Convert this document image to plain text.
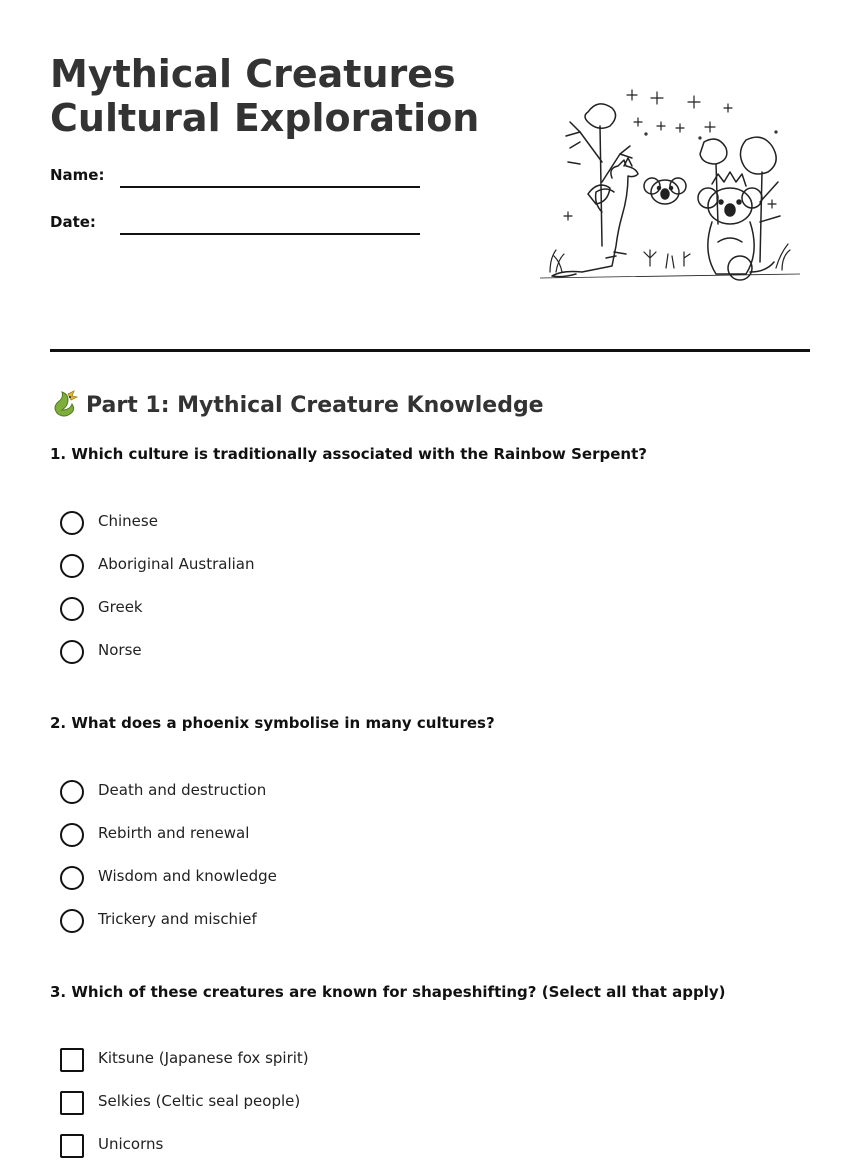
Mythical Creatures
Cultural Exploration
Name:
Date:
Part 1: Mythical Creature Knowledge

1. Which culture is traditionally associated with the Rainbow Serpent?

Chinese
Aboriginal Australian
Greek
Norse

2. What does a phoenix symbolise in many cultures?

Death and destruction
Rebirth and renewal
Wisdom and knowledge
Trickery and mischief

3. Which of these creatures are known for shapeshifting? (Select all that apply)

Kitsune (Japanese fox spirit)
Selkies (Celtic seal people)
Unicorns
